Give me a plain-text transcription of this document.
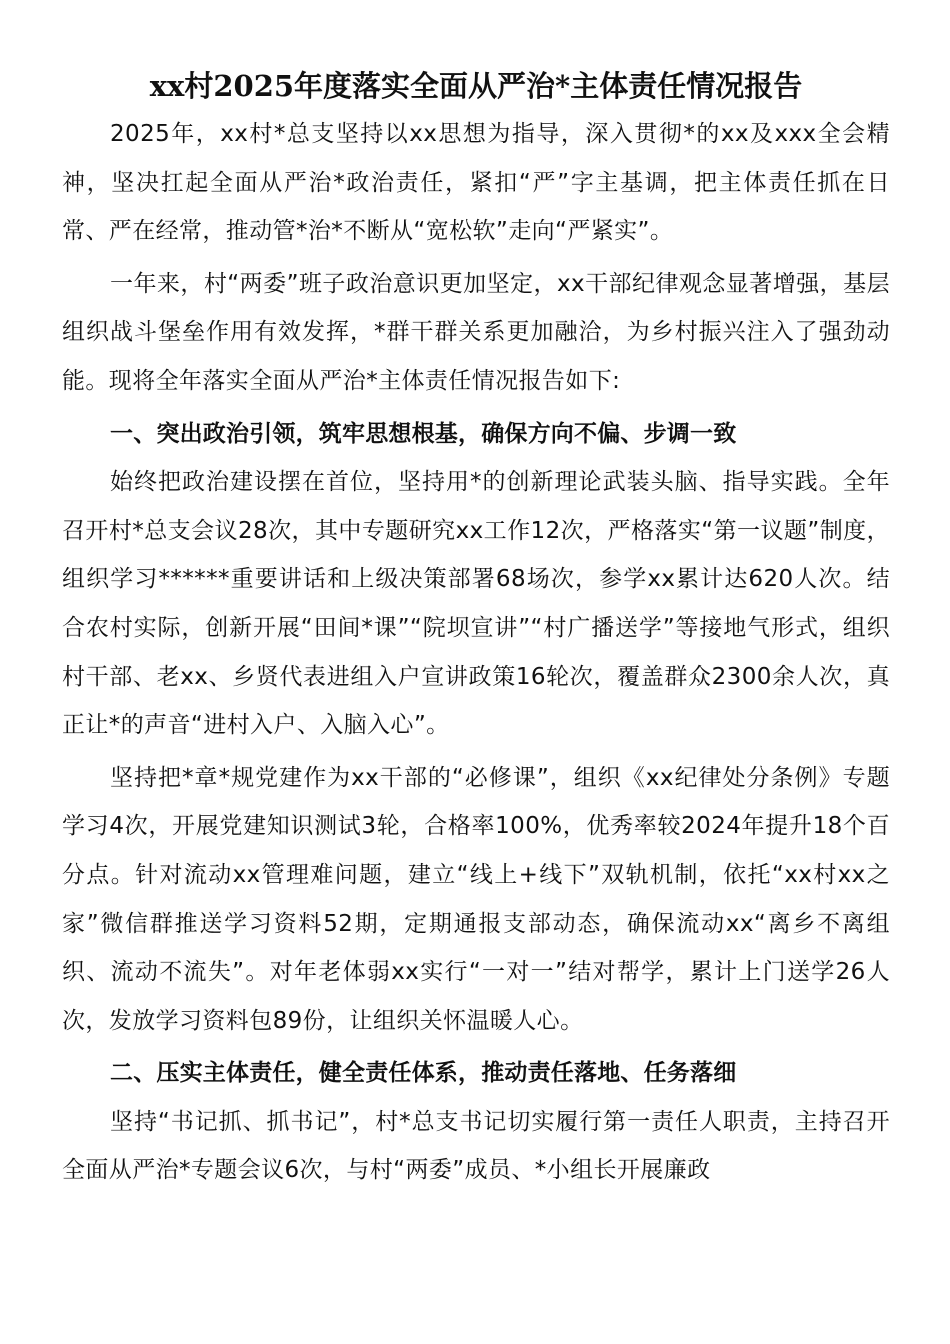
xx村2025年度落实全面从严治*主体责任情况报告

2025年，xx村*总支坚持以xx思想为指导，深入贯彻*的xx及xxx全会精神，坚决扛起全面从严治*政治责任，紧扣“严”字主基调，把主体责任抓在日常、严在经常，推动管*治*不断从“宽松软”走向“严紧实”。

一年来，村“两委”班子政治意识更加坚定，xx干部纪律观念显著增强，基层组织战斗堡垒作用有效发挥，*群干群关系更加融洽，为乡村振兴注入了强劲动能。现将全年落实全面从严治*主体责任情况报告如下:

一、突出政治引领，筑牢思想根基，确保方向不偏、步调一致

始终把政治建设摆在首位，坚持用*的创新理论武装头脑、指导实践。全年召开村*总支会议28次，其中专题研究xx工作12次，严格落实“第一议题”制度，组织学习******重要讲话和上级决策部署68场次，参学xx累计达620人次。结合农村实际，创新开展“田间*课”“院坝宣讲”“村广播送学”等接地气形式，组织村干部、老xx、乡贤代表进组入户宣讲政策16轮次，覆盖群众2300余人次，真正让*的声音“进村入户、入脑入心”。

坚持把*章*规党建作为xx干部的“必修课”，组织《xx纪律处分条例》专题学习4次，开展党建知识测试3轮，合格率100%，优秀率较2024年提升18个百分点。针对流动xx管理难问题，建立“线上+线下”双轨机制，依托“xx村xx之家”微信群推送学习资料52期，定期通报支部动态，确保流动xx“离乡不离组织、流动不流失”。对年老体弱xx实行“一对一”结对帮学，累计上门送学26人次，发放学习资料包89份，让组织关怀温暖人心。

二、压实主体责任，健全责任体系，推动责任落地、任务落细

坚持“书记抓、抓书记”，村*总支书记切实履行第一责任人职责，主持召开全面从严治*专题会议6次，与村“两委”成员、*小组长开展廉政
